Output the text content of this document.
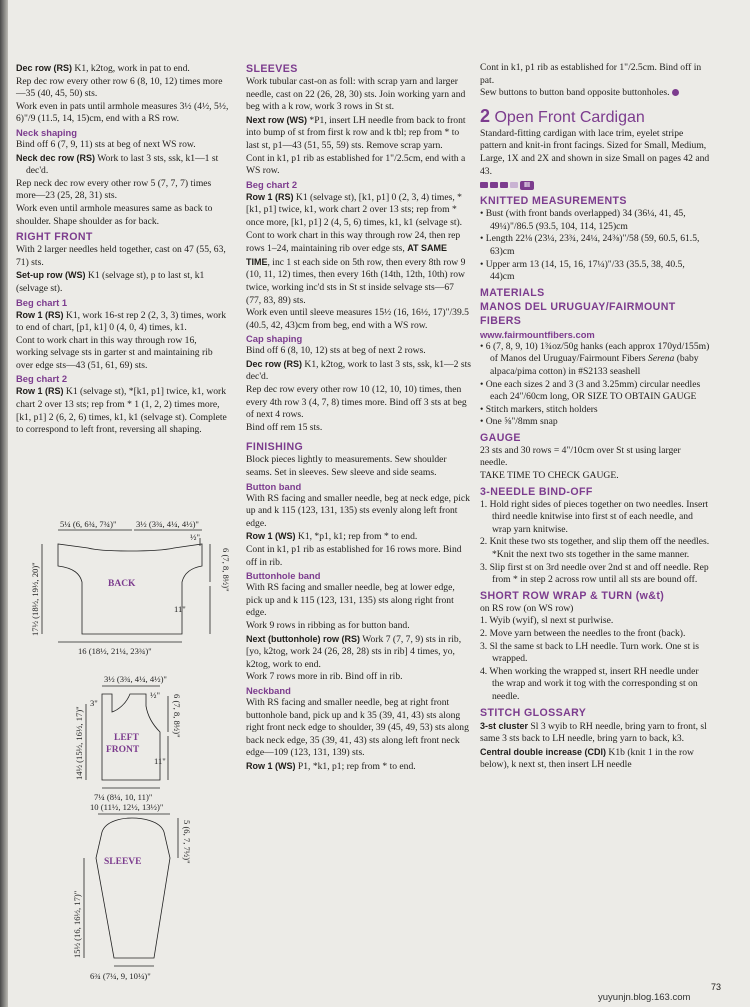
Dec row (RS) K1, k2tog, work in pat to end.

Rep dec row every other row 6 (8, 10, 12) times more—35 (40, 45, 50) sts.

Work even in pats until armhole measures 3½ (4½, 5½, 6)"/9 (11.5, 14, 15)cm, end with a RS row.

Neck shaping

Bind off 6 (7, 9, 11) sts at beg of next WS row.

Neck dec row (RS) Work to last 3 sts, ssk, k1—1 st dec'd.

Rep neck dec row every other row 5 (7, 7, 7) times more—23 (25, 28, 31) sts.

Work even until armhole measures same as back to shoulder. Shape shoulder as for back.

RIGHT FRONT

With 2 larger needles held together, cast on 47 (55, 63, 71) sts.

Set-up row (WS) K1 (selvage st), p to last st, k1 (selvage st).

Beg chart 1

Row 1 (RS) K1, work 16-st rep 2 (2, 3, 3) times, work to end of chart, [p1, k1] 0 (4, 0, 4) times, k1.

Cont to work chart in this way through row 16, working selvage sts in garter st and maintaining rib over edge sts—43 (51, 61, 69) sts.

Beg chart 2

Row 1 (RS) K1 (selvage st), *[k1, p1] twice, k1, work chart 2 over 13 sts; rep from * 1 (1, 2, 2) times more, [k1, p1] 2 (6, 2, 6) times, k1, k1 (selvage st). Complete to correspond to left front, reversing all shaping.

5¼ (6, 6¾, 7¾)" 3½ (3¾, 4¼, 4½)"
½"
BACK	6 (7, 8, 8½)"
17½ (18½, 19½, 20)"	11"
16 (18½, 21¼, 23¾)"
3½ (3¾, 4¼, 4½)"
3"
½"
LEFT
FRONT
6 (7, 8, 8½)"
14½ (15½, 16½, 17)"	11"
7¼ (8¼, 10, 11)"
10 (11½, 12½, 13½)"
SLEEVE	5 (6, 7, 7½)"
15½ (16, 16½, 17)"
6¾ (7¼, 9, 10¼)"

SLEEVES

Work tubular cast-on as foll: with scrap yarn and larger needle, cast on 22 (26, 28, 30) sts. Join working yarn and beg with a k row, work 3 rows in St st.

Next row (WS) *P1, insert LH needle from back to front into bump of st from first k row and k tbl; rep from * to last st, p1—43 (51, 55, 59) sts. Remove scrap yarn.

Cont in k1, p1 rib as established for 1"/2.5cm, end with a WS row.

Beg chart 2

Row 1 (RS) K1 (selvage st), [k1, p1] 0 (2, 3, 4) times, *[k1, p1] twice, k1, work chart 2 over 13 sts; rep from * once more, [k1, p1] 2 (4, 5, 6) times, k1, k1 (selvage st).

Cont to work chart in this way through row 24, then rep rows 1–24, maintaining rib over edge sts, AT SAME TIME, inc 1 st each side on 5th row, then every 8th row 9 (10, 11, 12) times, then every 16th (14th, 12th, 10th) row twice, working inc'd sts in St st inside selvage sts—67 (77, 83, 89) sts.

Work even until sleeve measures 15½ (16, 16½, 17)"/39.5 (40.5, 42, 43)cm from beg, end with a WS row.

Cap shaping

Bind off 6 (8, 10, 12) sts at beg of next 2 rows.

Dec row (RS) K1, k2tog, work to last 3 sts, ssk, k1—2 sts dec'd.

Rep dec row every other row 10 (12, 10, 10) times, then every 4th row 3 (4, 7, 8) times more. Bind off 3 sts at beg of next 4 rows.

Bind off rem 15 sts.

FINISHING

Block pieces lightly to measurements. Sew shoulder seams. Set in sleeves. Sew sleeve and side seams.

Button band

With RS facing and smaller needle, beg at neck edge, pick up and k 115 (123, 131, 135) sts evenly along left front edge.

Row 1 (WS) K1, *p1, k1; rep from * to end.

Cont in k1, p1 rib as established for 16 rows more. Bind off in rib.

Buttonhole band

With RS facing and smaller needle, beg at lower edge, pick up and k 115 (123, 131, 135) sts along right front edge.

Work 9 rows in ribbing as for button band.

Next (buttonhole) row (RS) Work 7 (7, 7, 9) sts in rib, [yo, k2tog, work 24 (26, 28, 28) sts in rib] 4 times, yo, k2tog, work to end.

Work 7 rows more in rib. Bind off in rib.

Neckband

With RS facing and smaller needle, beg at right front buttonhole band, pick up and k 35 (39, 41, 43) sts along right front neck edge to shoulder, 39 (45, 49, 53) sts along back neck edge, 35 (39, 41, 43) sts along left front neck edge—109 (123, 131, 139) sts.

Row 1 (WS) P1, *k1, p1; rep from * to end.

Cont in k1, p1 rib as established for 1"/2.5cm. Bind off in pat.

Sew buttons to button band opposite buttonholes.

2 Open Front Cardigan

Standard-fitting cardigan with lace trim, eyelet stripe pattern and knit-in front facings. Sized for Small, Medium, Large, 1X and 2X and shown in size Small on pages 42 and 43.

III

KNITTED MEASUREMENTS

• Bust (with front bands overlapped) 34 (36¼, 41, 45, 49¼)"/86.5 (93.5, 104, 114, 125)cm
• Length 22⅛ (23¼, 23¾, 24¼, 24⅜)"/58 (59, 60.5, 61.5, 63)cm
• Upper arm 13 (14, 15, 16, 17¼)"/33 (35.5, 38, 40.5, 44)cm

MATERIALS

MANOS DEL URUGUAY/FAIRMOUNT FIBERS

www.fairmountfibers.com

• 6 (7, 8, 9, 10) 1¾oz/50g hanks (each approx 170yd/155m) of Manos del Uruguay/Fairmount Fibers Serena (baby alpaca/pima cotton) in #S2133 seashell
• One each sizes 2 and 3 (3 and 3.25mm) circular needles each 24"/60cm long, OR SIZE TO OBTAIN GAUGE
• Stitch markers, stitch holders
• One ⅝"/8mm snap

GAUGE

23 sts and 30 rows = 4"/10cm over St st using larger needle.

TAKE TIME TO CHECK GAUGE.

3-NEEDLE BIND-OFF

1. Hold right sides of pieces together on two needles. Insert third needle knitwise into first st of each needle, and wrap yarn knitwise.
2. Knit these two sts together, and slip them off the needles. *Knit the next two sts together in the same manner.
3. Slip first st on 3rd needle over 2nd st and off needle. Rep from * in step 2 across row until all sts are bound off.

SHORT ROW WRAP & TURN (w&t)

on RS row (on WS row)

1. Wyib (wyif), sl next st purlwise.
2. Move yarn between the needles to the front (back).
3. Sl the same st back to LH needle. Turn work. One st is wrapped.
4. When working the wrapped st, insert RH needle under the wrap and work it tog with the corresponding st on needle.

STITCH GLOSSARY

3-st cluster Sl 3 wyib to RH needle, bring yarn to front, sl same 3 sts back to LH needle, bring yarn to back, k3.

Central double increase (CDI) K1b (knit 1 in the row below), k next st, then insert LH needle

73
yuyunjn.blog.163.com
